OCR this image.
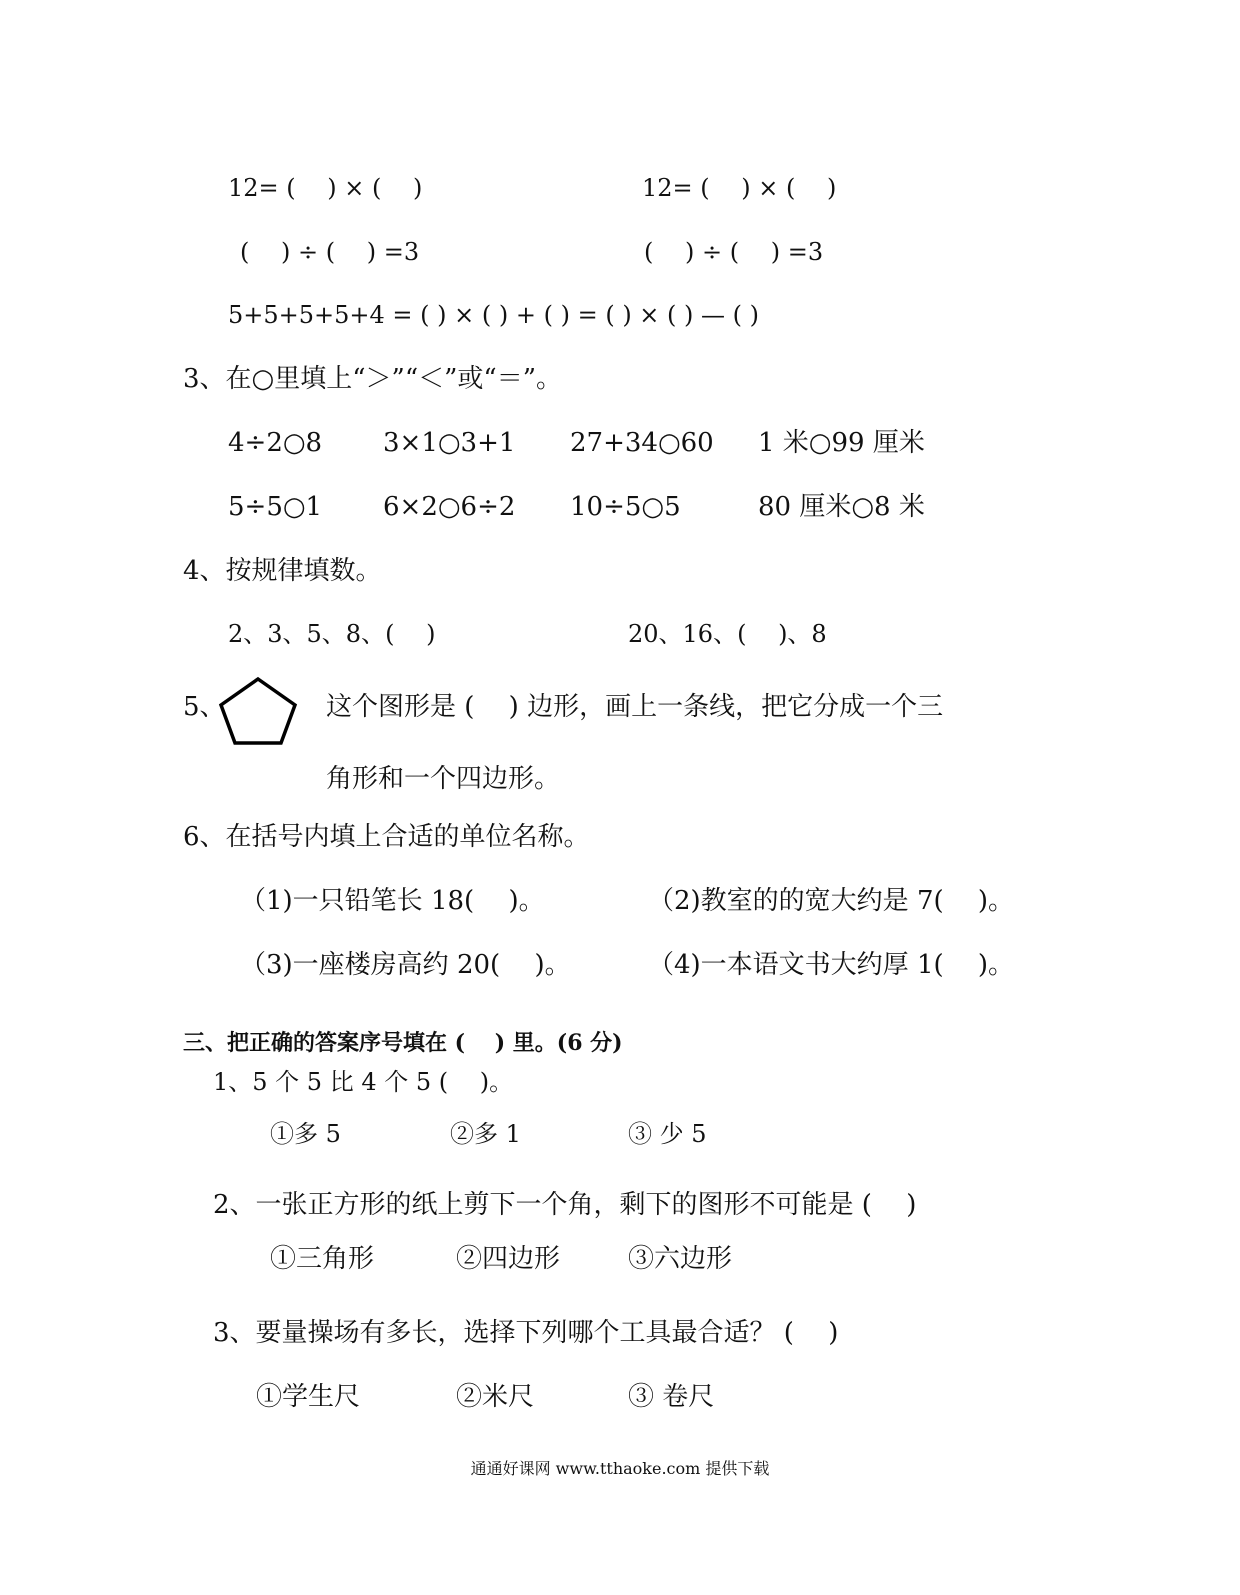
12= (　 ) × (　 )	12= (　 ) × (　 )
(　 ) ÷ (　 ) =3	(　 ) ÷ (　 ) =3
5+5+5+5+4 = ( ) × ( ) + ( ) = ( ) × ( ) — ( )
3、在○里填上“＞”“＜”或“＝”。
4÷2○8 3×1○3+1 27+34○60 1 米○99 厘米
5÷5○1 6×2○6÷2 10÷5○5	80 厘米○8 米
4、按规律填数。
2、3、5、8、(　 )	20、16、(　 )、8
5、	这个图形是 (　 ) 边形，画上一条线，把它分成一个三
角形和一个四边形。
6、在括号内填上合适的单位名称。
（1)一只铅笔长 18(　 )。	（2)教室的的宽大约是 7(　 )。
（3)一座楼房高约 20(　 )。	（4)一本语文书大约厚 1(　 )。
三、把正确的答案序号填在 (　 ) 里。(6 分)
1、5 个 5 比 4 个 5 (　 )。
①多 5	②多 1	③ 少 5
2、一张正方形的纸上剪下一个角，剩下的图形不可能是 (　 )
①三角形	②四边形	③六边形
3、要量操场有多长，选择下列哪个工具最合适？ (　 )
①学生尺	②米尺	③ 卷尺
通通好课网 www.tthaoke.com 提供下载
